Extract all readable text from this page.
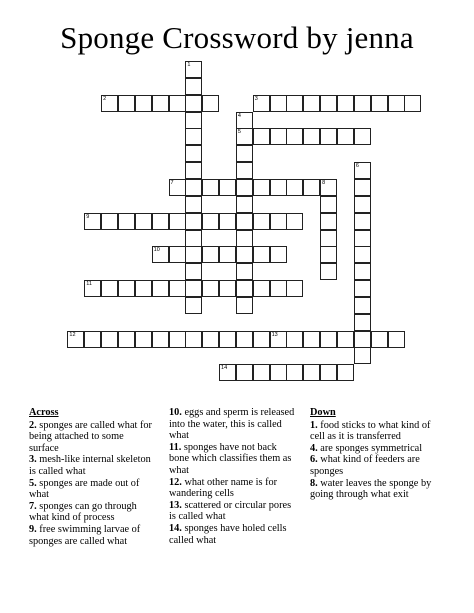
Sponge Crossword by jenna
1
2	3
4
5
6
7	8
9
10
11
12	13
14
Across
2. sponges are called what for being attached to some surface
3. mesh-like internal skeleton is called what
5. sponges are made out of what
7. sponges can go through what kind of process
9. free swimming larvae of sponges are called what
10. eggs and sperm is released into the water, this is called what
11. sponges have not back bone which classifies them as what
12. what other name is for wandering cells
13. scattered or circular pores is called what
14. sponges have holed cells called what
Down
1. food sticks to what kind of cell as it is transferred
4. are sponges symmetrical
6. what kind of feeders are sponges
8. water leaves the sponge by going through what exit
